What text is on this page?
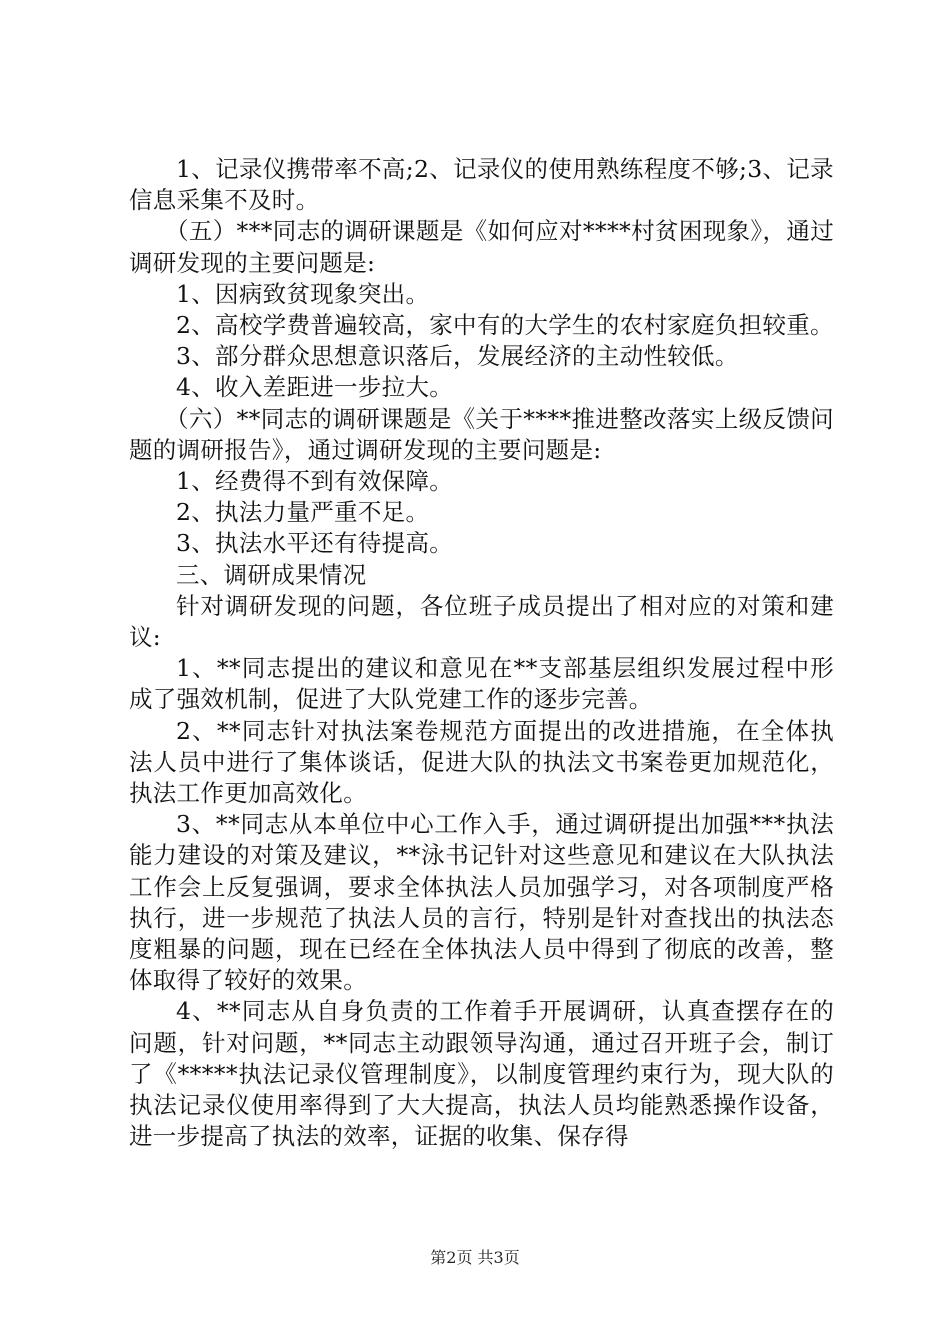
1、记录仪携带率不高;2、记录仪的使用熟练程度不够;3、记录信息采集不及时。

（五）***同志的调研课题是《如何应对****村贫困现象》，通过调研发现的主要问题是:

1、因病致贫现象突出。

2、高校学费普遍较高，家中有的大学生的农村家庭负担较重。

3、部分群众思想意识落后，发展经济的主动性较低。

4、收入差距进一步拉大。

（六）**同志的调研课题是《关于****推进整改落实上级反馈问题的调研报告》，通过调研发现的主要问题是:

1、经费得不到有效保障。

2、执法力量严重不足。

3、执法水平还有待提高。

三、调研成果情况

针对调研发现的问题，各位班子成员提出了相对应的对策和建议:

1、**同志提出的建议和意见在**支部基层组织发展过程中形成了强效机制，促进了大队党建工作的逐步完善。

2、**同志针对执法案卷规范方面提出的改进措施，在全体执法人员中进行了集体谈话，促进大队的执法文书案卷更加规范化，执法工作更加高效化。

3、**同志从本单位中心工作入手，通过调研提出加强***执法能力建设的对策及建议，**泳书记针对这些意见和建议在大队执法工作会上反复强调，要求全体执法人员加强学习，对各项制度严格执行，进一步规范了执法人员的言行，特别是针对查找出的执法态度粗暴的问题，现在已经在全体执法人员中得到了彻底的改善，整体取得了较好的效果。

4、**同志从自身负责的工作着手开展调研，认真查摆存在的问题，针对问题，**同志主动跟领导沟通，通过召开班子会，制订了《*****执法记录仪管理制度》，以制度管理约束行为，现大队的执法记录仪使用率得到了大大提高，执法人员均能熟悉操作设备，进一步提高了执法的效率，证据的收集、保存得

第2页 共3页
